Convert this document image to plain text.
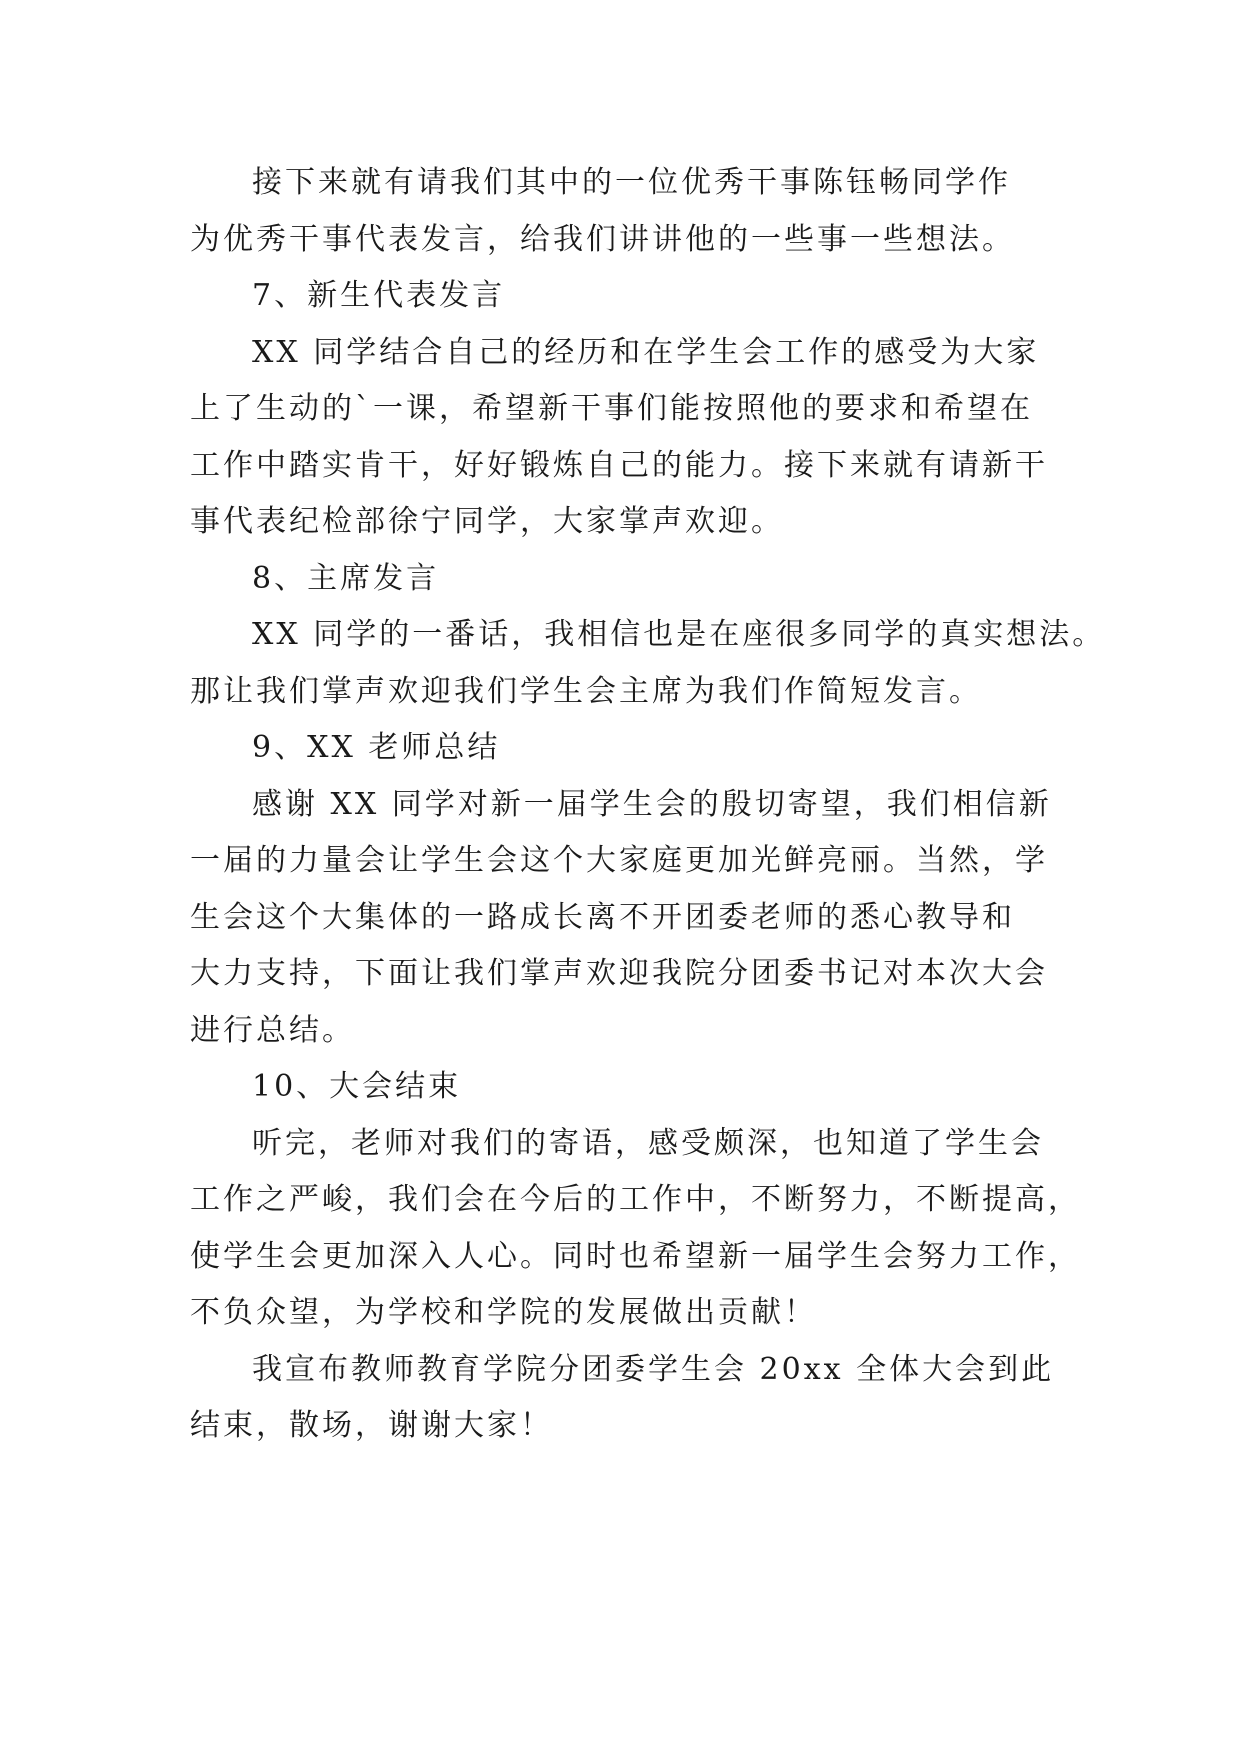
接下来就有请我们其中的一位优秀干事陈钰畅同学作
为优秀干事代表发言，给我们讲讲他的一些事一些想法。
7、新生代表发言
XX 同学结合自己的经历和在学生会工作的感受为大家
上了生动的`一课，希望新干事们能按照他的要求和希望在
工作中踏实肯干，好好锻炼自己的能力。接下来就有请新干
事代表纪检部徐宁同学，大家掌声欢迎。
8、主席发言
XX 同学的一番话，我相信也是在座很多同学的真实想法。
那让我们掌声欢迎我们学生会主席为我们作简短发言。
9、XX 老师总结
感谢 XX 同学对新一届学生会的殷切寄望，我们相信新
一届的力量会让学生会这个大家庭更加光鲜亮丽。当然，学
生会这个大集体的一路成长离不开团委老师的悉心教导和
大力支持，下面让我们掌声欢迎我院分团委书记对本次大会
进行总结。
10、大会结束
听完，老师对我们的寄语，感受颇深，也知道了学生会
工作之严峻，我们会在今后的工作中，不断努力，不断提高，
使学生会更加深入人心。同时也希望新一届学生会努力工作，
不负众望，为学校和学院的发展做出贡献！
我宣布教师教育学院分团委学生会 20xx 全体大会到此
结束，散场，谢谢大家！
